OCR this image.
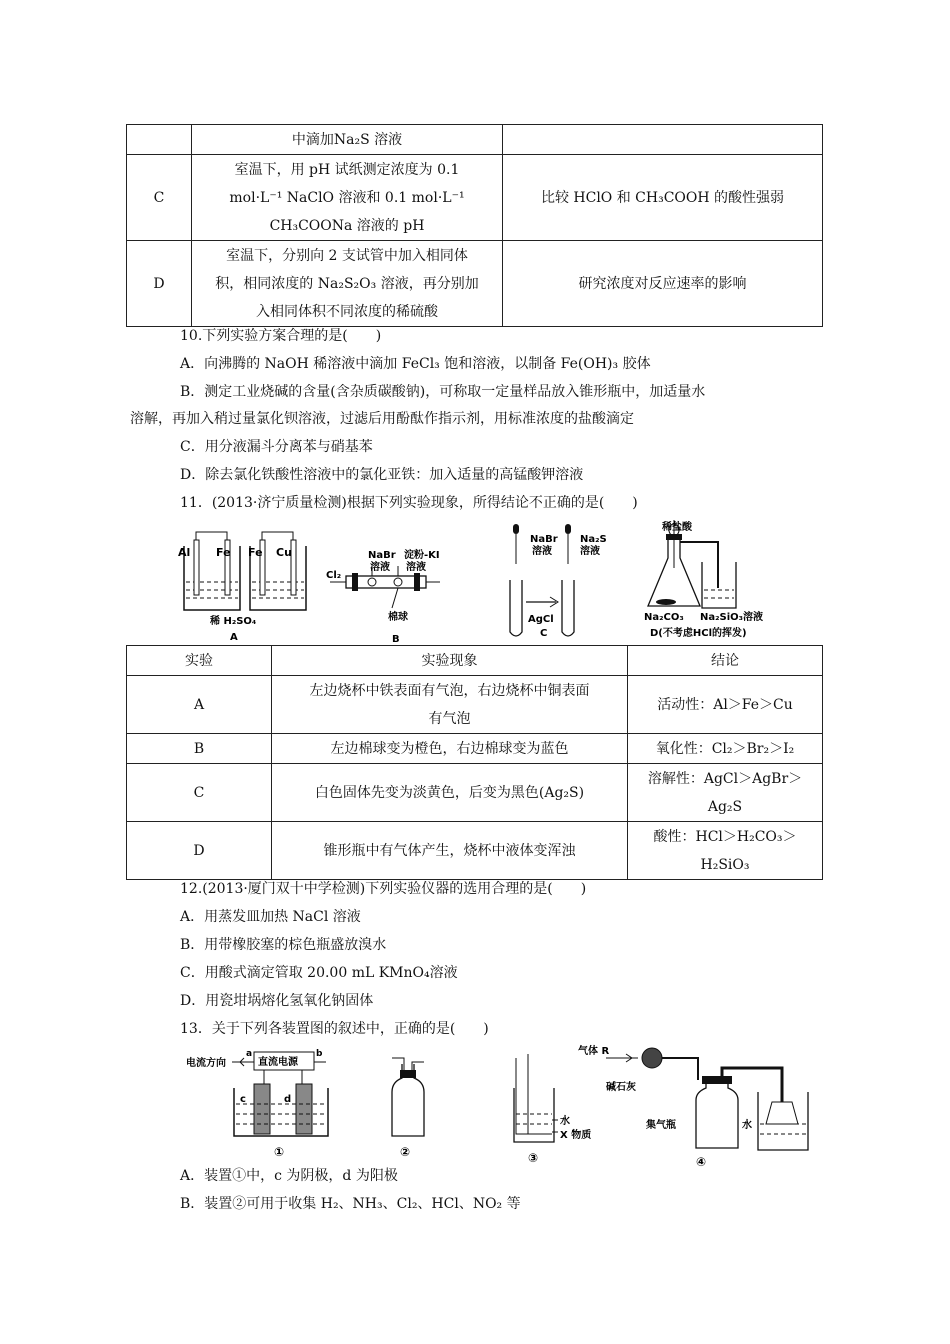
	中滴加Na₂S 溶液	
C	室温下，用 pH 试纸测定浓度为 0.1
mol·L⁻¹ NaClO 溶液和 0.1 mol·L⁻¹
CH₃COONa 溶液的 pH	比较 HClO 和 CH₃COOH 的酸性强弱
D	室温下，分别向 2 支试管中加入相同体
积，相同浓度的 Na₂S₂O₃ 溶液，再分别加
入相同体积不同浓度的稀硫酸	研究浓度对反应速率的影响
10.下列实验方案合理的是(　　)
A．向沸腾的 NaOH 稀溶液中滴加 FeCl₃ 饱和溶液，以制备 Fe(OH)₃ 胶体
B．测定工业烧碱的含量(含杂质碳酸钠)，可称取一定量样品放入锥形瓶中，加适量水
溶解，再加入稍过量氯化钡溶液，过滤后用酚酞作指示剂，用标准浓度的盐酸滴定
C．用分液漏斗分离苯与硝基苯
D．除去氯化铁酸性溶液中的氯化亚铁：加入适量的高锰酸钾溶液
11．(2013·济宁质量检测)根据下列实验现象，所得结论不正确的是(　　)
Al Fe Fe Cu
稀 H₂SO₄
A
NaBr
溶液
淀粉-KI
溶液
Cl₂
棉球
B
NaBr
溶液
Na₂S
溶液
AgCl
C
稀盐酸
Na₂CO₃ Na₂SiO₃溶液
D(不考虑HCl的挥发)
实验	实验现象	结论
A	左边烧杯中铁表面有气泡，右边烧杯中铜表面
有气泡	活动性：Al＞Fe＞Cu
B	左边棉球变为橙色，右边棉球变为蓝色	氧化性：Cl₂＞Br₂＞I₂
C	白色固体先变为淡黄色，后变为黑色(Ag₂S)	溶解性：AgCl＞AgBr＞
Ag₂S

D	锥形瓶中有气体产生，烧杯中液体变浑浊	酸性：HCl＞H₂CO₃＞
H₂SiO₃
12.(2013·厦门双十中学检测)下列实验仪器的选用合理的是(　　)
A．用蒸发皿加热 NaCl 溶液
B．用带橡胶塞的棕色瓶盛放溴水
C．用酸式滴定管取 20.00 mL KMnO₄溶液
D．用瓷坩埚熔化氢氧化钠固体
13．关于下列各装置图的叙述中，正确的是(　　)
电流方向
a
直流电源
b
c	d
①	②
水
X 物质
③
气体 R
碱石灰
集气瓶	水
④
A．装置①中，c 为阴极，d 为阳极
B．装置②可用于收集 H₂、NH₃、Cl₂、HCl、NO₂ 等
